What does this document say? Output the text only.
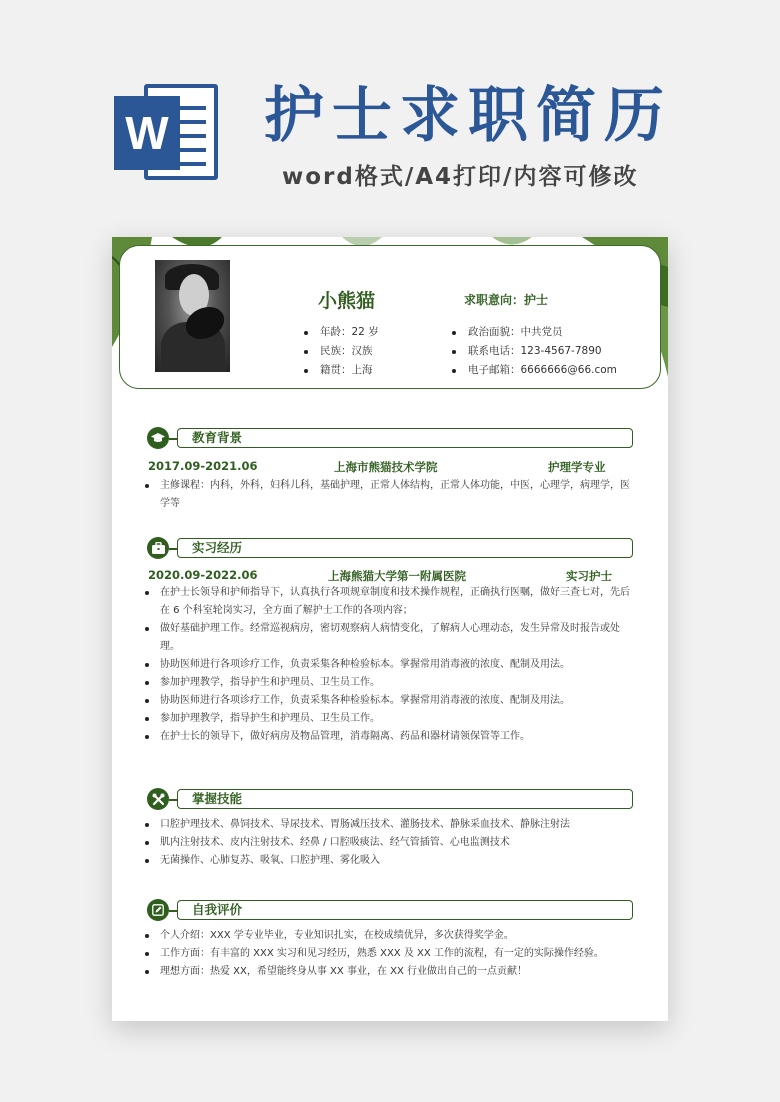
W 护士求职简历
word格式/A4打印/内容可修改
小熊猫	求职意向：护士
年龄：22 岁
民族：汉族
籍贯：上海
政治面貌：中共党员
联系电话：123-4567-7890
电子邮箱：6666666@66.com
教育背景
2017.09-2021.06	上海市熊猫技术学院	护理学专业
主修课程：内科，外科，妇科儿科，基础护理，正常人体结构，正常人体功能，中医，心理学，病理学，医学等
实习经历
2020.09-2022.06	上海熊猫大学第一附属医院	实习护士
在护士长领导和护师指导下，认真执行各项规章制度和技术操作规程，正确执行医嘱，做好三查七对，先后在 6 个科室轮岗实习，全方面了解护士工作的各项内容；
做好基础护理工作。经常巡视病房，密切观察病人病情变化，了解病人心理动态，发生异常及时报告或处理。
协助医师进行各项诊疗工作，负责采集各种检验标本。掌握常用消毒液的浓度、配制及用法。
参加护理教学，指导护生和护理员、卫生员工作。
协助医师进行各项诊疗工作，负责采集各种检验标本。掌握常用消毒液的浓度、配制及用法。
参加护理教学，指导护生和护理员、卫生员工作。
在护士长的领导下，做好病房及物品管理，消毒隔离、药品和器材请领保管等工作。
掌握技能
口腔护理技术、鼻饲技术、导尿技术、胃肠减压技术、灌肠技术、静脉采血技术、静脉注射法
肌内注射技术、皮内注射技术、经鼻 / 口腔吸痰法、经气管插管、心电监测技术
无菌操作、心肺复苏、吸氧、口腔护理、雾化吸入
自我评价
个人介绍：XXX 学专业毕业，专业知识扎实，在校成绩优异，多次获得奖学金。
工作方面：有丰富的 XXX 实习和见习经历，熟悉 XXX 及 XX 工作的流程，有一定的实际操作经验。
理想方面：热爱 XX，希望能终身从事 XX 事业，在 XX 行业做出自己的一点贡献！
